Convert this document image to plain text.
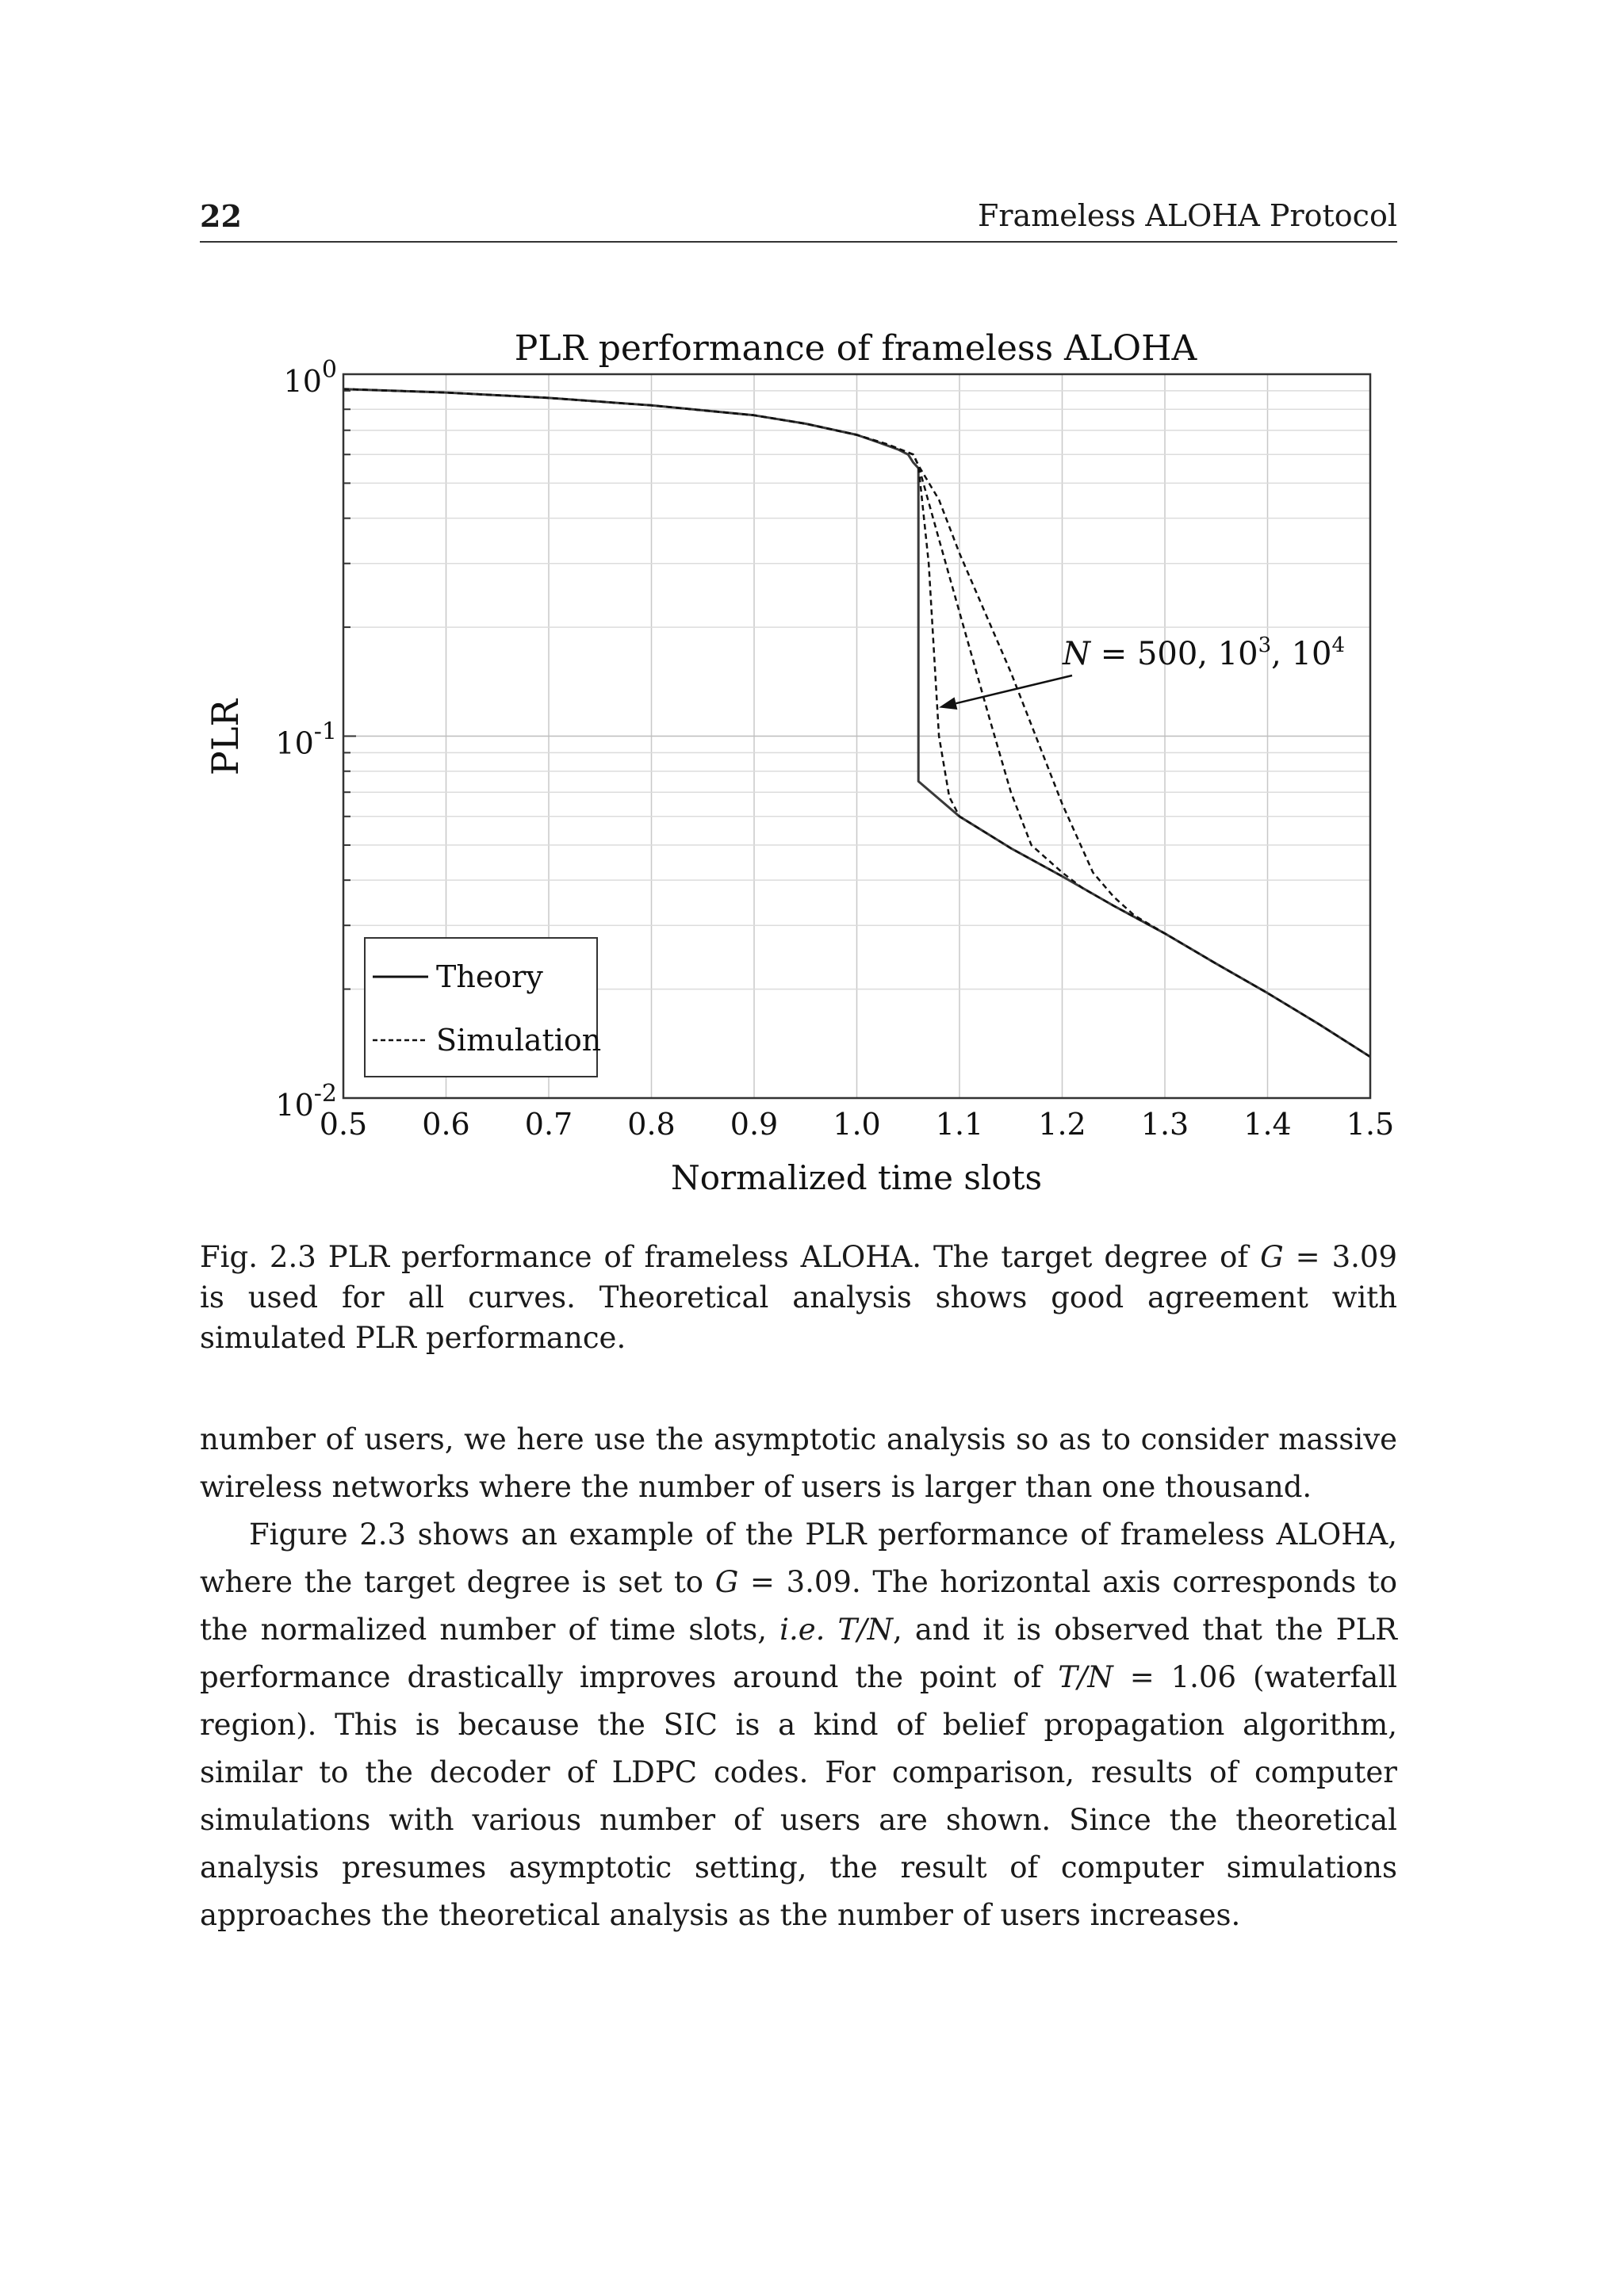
22	Frameless ALOHA Protocol
PLR performance of frameless ALOHA
0.5 0.6 0.7 0.8 0.9 1.0 1.1 1.2 1.3 1.4 1.5
$10^0$
$10^{-1}$
$10^{-2}$
Normalized time slots
PLR
Theory
Simulation
N = 500, $10^3$, $10^4$
Fig. 2.3 PLR performance of frameless ALOHA. The target degree of G = 3.09 is used for all curves. Theoretical analysis shows good agreement with simulated PLR performance.

number of users, we here use the asymptotic analysis so as to consider massive wireless networks where the number of users is larger than one thousand.

Figure 2.3 shows an example of the PLR performance of frameless ALOHA, where the target degree is set to G = 3.09. The horizontal axis corresponds to the normalized number of time slots, i.e. T/N, and it is observed that the PLR performance drastically improves around the point of T/N = 1.06 (waterfall region). This is because the SIC is a kind of belief propagation algorithm, similar to the decoder of LDPC codes. For comparison, results of computer simulations with various number of users are shown. Since the theoretical analysis presumes asymptotic setting, the result of computer simulations approaches the theoretical analysis as the number of users increases.
